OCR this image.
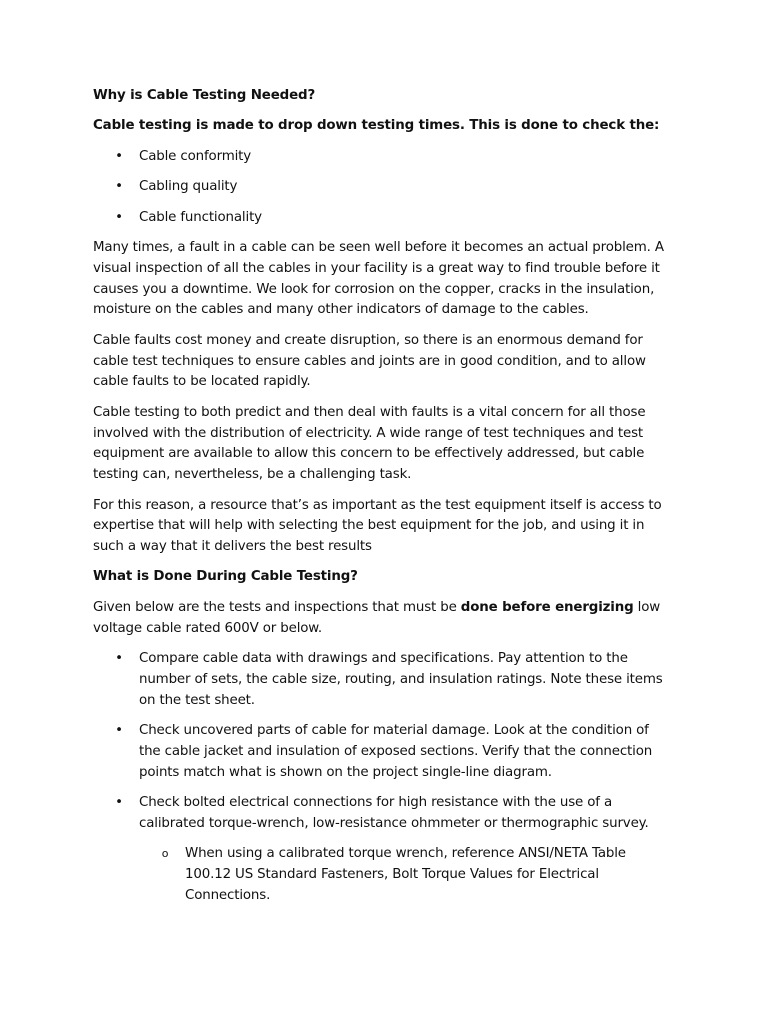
Why is Cable Testing Needed?

Cable testing is made to drop down testing times. This is done to check the:

• Cable conformity
• Cabling quality
• Cable functionality

Many times, a fault in a cable can be seen well before it becomes an actual problem. A visual inspection of all the cables in your facility is a great way to find trouble before it causes you a downtime. We look for corrosion on the copper, cracks in the insulation, moisture on the cables and many other indicators of damage to the cables.

Cable faults cost money and create disruption, so there is an enormous demand for cable test techniques to ensure cables and joints are in good condition, and to allow cable faults to be located rapidly.

Cable testing to both predict and then deal with faults is a vital concern for all those involved with the distribution of electricity. A wide range of test techniques and test equipment are available to allow this concern to be effectively addressed, but cable testing can, nevertheless, be a challenging task.

For this reason, a resource that’s as important as the test equipment itself is access to expertise that will help with selecting the best equipment for the job, and using it in such a way that it delivers the best results

What is Done During Cable Testing?

Given below are the tests and inspections that must be done before energizing low voltage cable rated 600V or below.

• Compare cable data with drawings and specifications. Pay attention to the number of sets, the cable size, routing, and insulation ratings. Note these items on the test sheet.
• Check uncovered parts of cable for material damage. Look at the condition of the cable jacket and insulation of exposed sections. Verify that the connection points match what is shown on the project single-line diagram.
• Check bolted electrical connections for high resistance with the use of a calibrated torque-wrench, low-resistance ohmmeter or thermographic survey.
o When using a calibrated torque wrench, reference ANSI/NETA Table 100.12 US Standard Fasteners, Bolt Torque Values for Electrical Connections.
